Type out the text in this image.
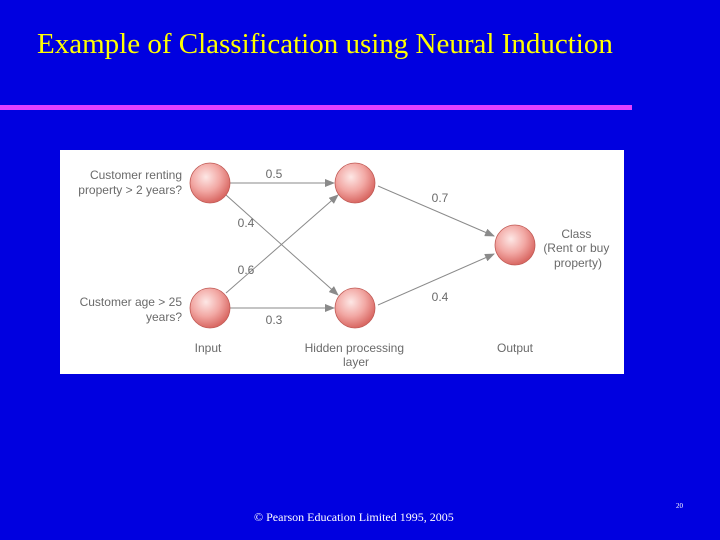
Example of Classification using Neural Induction
Customer renting property > 2 years?
Customer age > 25 years?
Class (Rent or buy property)
0.5
0.4
0.6
0.3
0.7
0.4
Input	Hidden processing layer
Output
© Pearson Education Limited 1995, 2005
20
